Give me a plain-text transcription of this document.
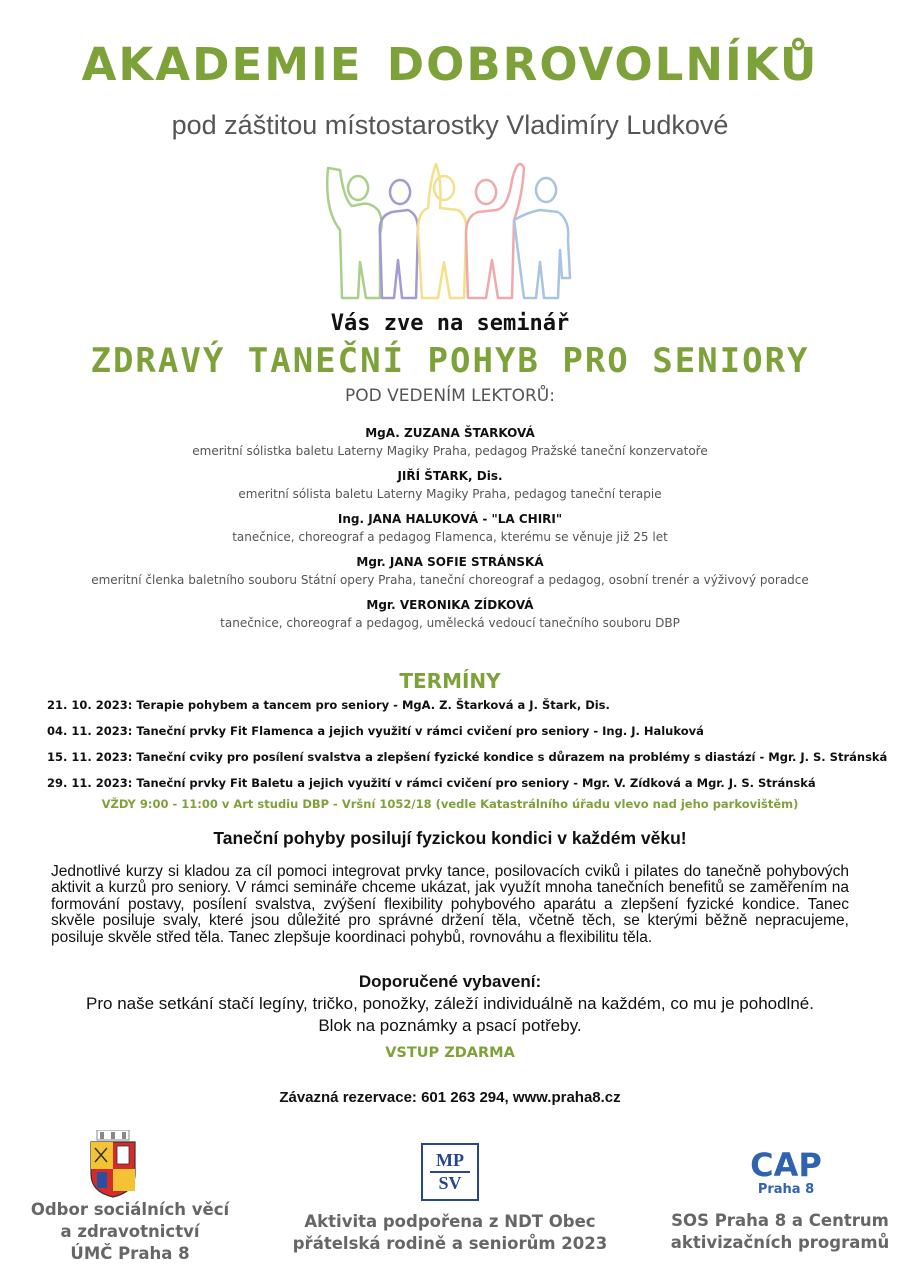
akademie dobrovolníků
pod záštitou místostarostky Vladimíry Ludkové
Vás zve na seminář
ZDRAVÝ TANEČNÍ POHYB PRO SENIORY
POD VEDENÍM LEKTORŮ:
MgA. ZUZANA ŠTARKOVÁ
emeritní sólistka baletu Laterny Magiky Praha, pedagog Pražské taneční konzervatoře
JIŘÍ ŠTARK, Dis.
emeritní sólista baletu Laterny Magiky Praha, pedagog taneční terapie
Ing. JANA HALUKOVÁ - "LA CHIRI"
tanečnice, choreograf a pedagog Flamenca, kterému se věnuje již 25 let
Mgr. JANA SOFIE STRÁNSKÁ
emeritní členka baletního souboru Státní opery Praha, taneční choreograf a pedagog, osobní trenér a výživový poradce
Mgr. VERONIKA ZÍDKOVÁ
tanečnice, choreograf a pedagog, umělecká vedoucí tanečního souboru DBP
TERMÍNY
21. 10. 2023: Terapie pohybem a tancem pro seniory - MgA. Z. Štarková a J. Štark, Dis.
04. 11. 2023: Taneční prvky Fit Flamenca a jejich využití v rámci cvičení pro seniory - Ing. J. Haluková
15. 11. 2023: Taneční cviky pro posílení svalstva a zlepšení fyzické kondice s důrazem na problémy s diastází - Mgr. J. S. Stránská
29. 11. 2023: Taneční prvky Fit Baletu a jejich využití v rámci cvičení pro seniory - Mgr. V. Zídková a Mgr. J. S. Stránská
VŽDY 9:00 - 11:00 v Art studiu DBP - Vršní 1052/18 (vedle Katastrálního úřadu vlevo nad jeho parkovištěm)
Taneční pohyby posilují fyzickou kondici v každém věku!
Jednotlivé kurzy si kladou za cíl pomoci integrovat prvky tance, posilovacích cviků i pilates do tanečně pohybových aktivit a kurzů pro seniory. V rámci semináře chceme ukázat, jak využít mnoha tanečních benefitů se zaměřením na formování postavy, posílení svalstva, zvýšení flexibility pohybového aparátu a zlepšení fyzické kondice. Tanec skvěle posiluje svaly, které jsou důležité pro správné držení těla, včetně těch, se kterými běžně nepracujeme, posiluje skvěle střed těla. Tanec zlepšuje koordinaci pohybů, rovnováhu a flexibilitu těla.
Doporučené vybavení:
Pro naše setkání stačí legíny, tričko, ponožky, záleží individuálně na každém, co mu je pohodlné.
Blok na poznámky a psací potřeby.
VSTUP ZDARMA
Závazná rezervace: 601 263 294, www.praha8.cz
Odbor sociálních věcí
a zdravotnictví
ÚMČ Praha 8
MP
SV
Aktivita podpořena z NDT Obec
přátelská rodině a seniorům 2023
CAP
Praha 8
SOS Praha 8 a Centrum
aktivizačních programů
